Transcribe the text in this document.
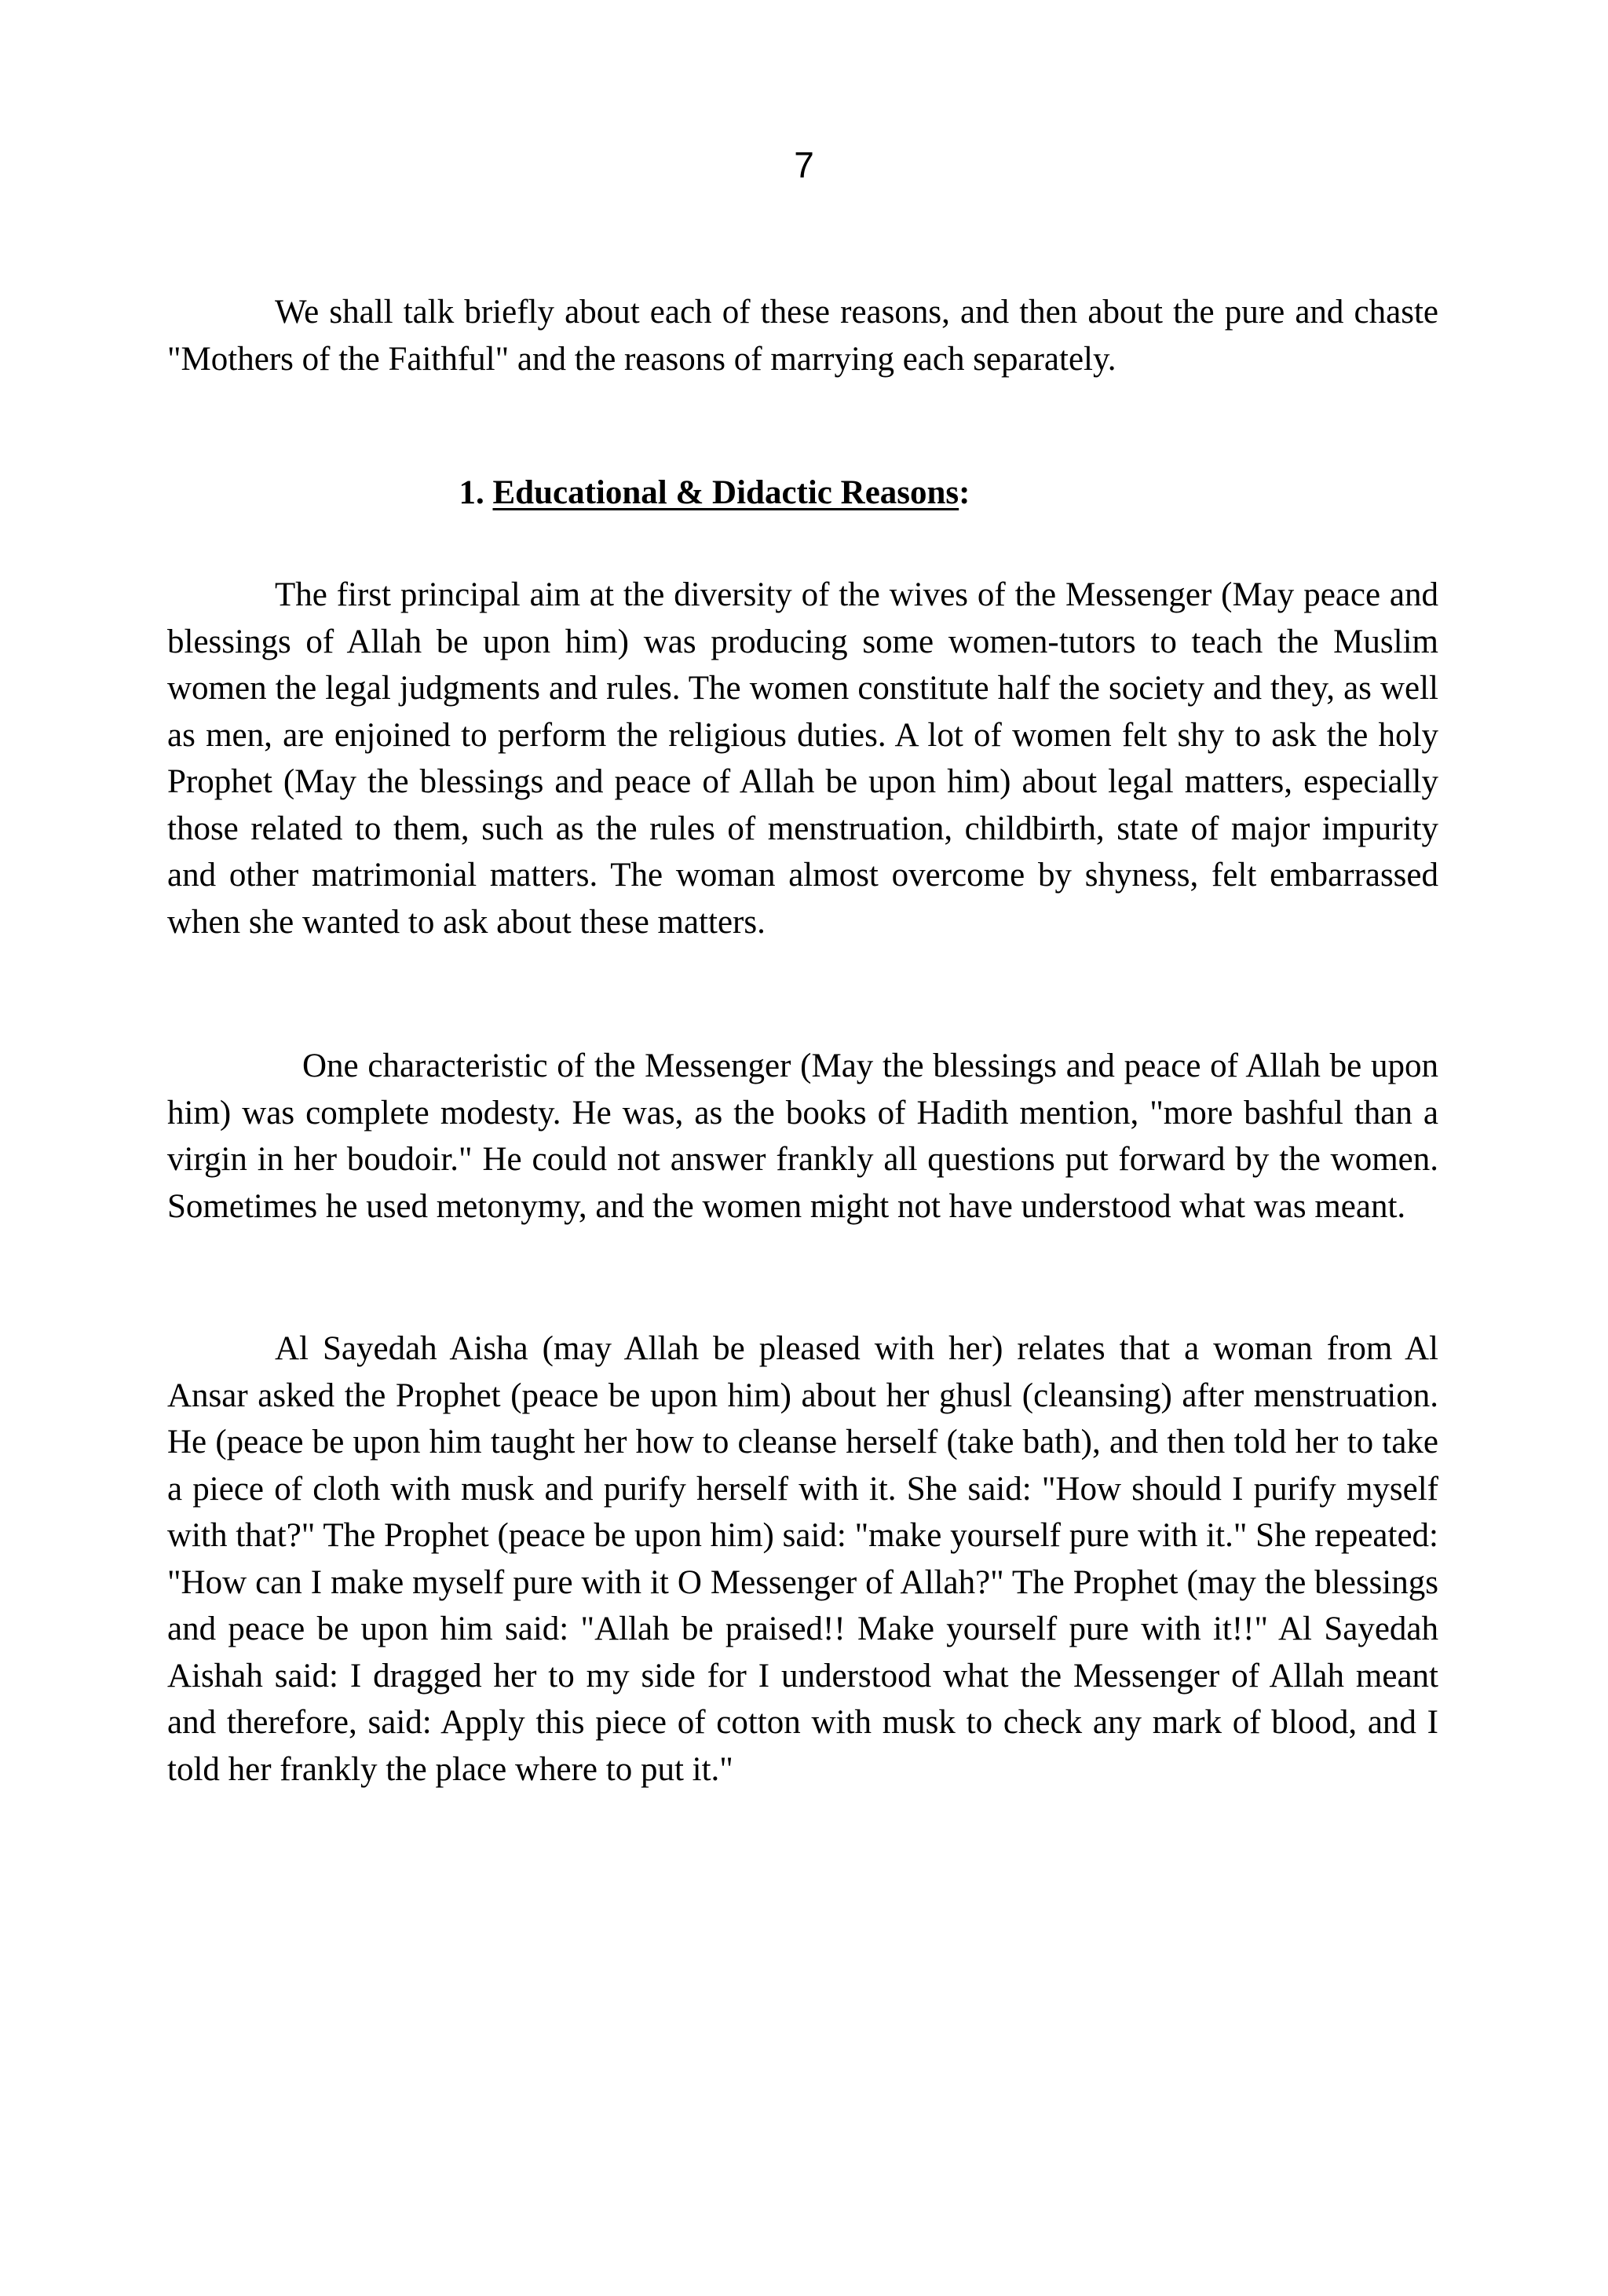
7

We shall talk briefly about each of these reasons, and then about the pure and chaste "Mothers of the Faithful" and the reasons of marrying each separately.

1. Educational & Didactic Reasons:

The first principal aim at the diversity of the wives of the Messenger (May peace and blessings of Allah be upon him) was producing some women-tutors to teach the Muslim women the legal judgments and rules. The women constitute half the society and they, as well as men, are enjoined to perform the religious duties. A lot of women felt shy to ask the holy Prophet (May the blessings and peace of Allah be upon him) about legal matters, especially those related to them, such as the rules of menstruation, childbirth, state of major impurity and other matrimonial matters. The woman almost overcome by shyness, felt embarrassed when she wanted to ask about these matters.

One characteristic of the Messenger (May the blessings and peace of Allah be upon him) was complete modesty. He was, as the books of Hadith mention, "more bashful than a virgin in her boudoir." He could not answer frankly all questions put forward by the women. Sometimes he used metonymy, and the women might not have understood what was meant.

Al Sayedah Aisha (may Allah be pleased with her) relates that a woman from Al Ansar asked the Prophet (peace be upon him) about her ghusl (cleansing) after menstruation. He (peace be upon him taught her how to cleanse herself (take bath), and then told her to take a piece of cloth with musk and purify herself with it. She said: "How should I purify myself with that?" The Prophet (peace be upon him) said: "make yourself pure with it." She repeated: "How can I make myself pure with it O Messenger of Allah?" The Prophet (may the blessings and peace be upon him said: "Allah be praised!! Make yourself pure with it!!" Al Sayedah Aishah said: I dragged her to my side for I understood what the Messenger of Allah meant and therefore, said: Apply this piece of cotton with musk to check any mark of blood, and I told her frankly the place where to put it."
